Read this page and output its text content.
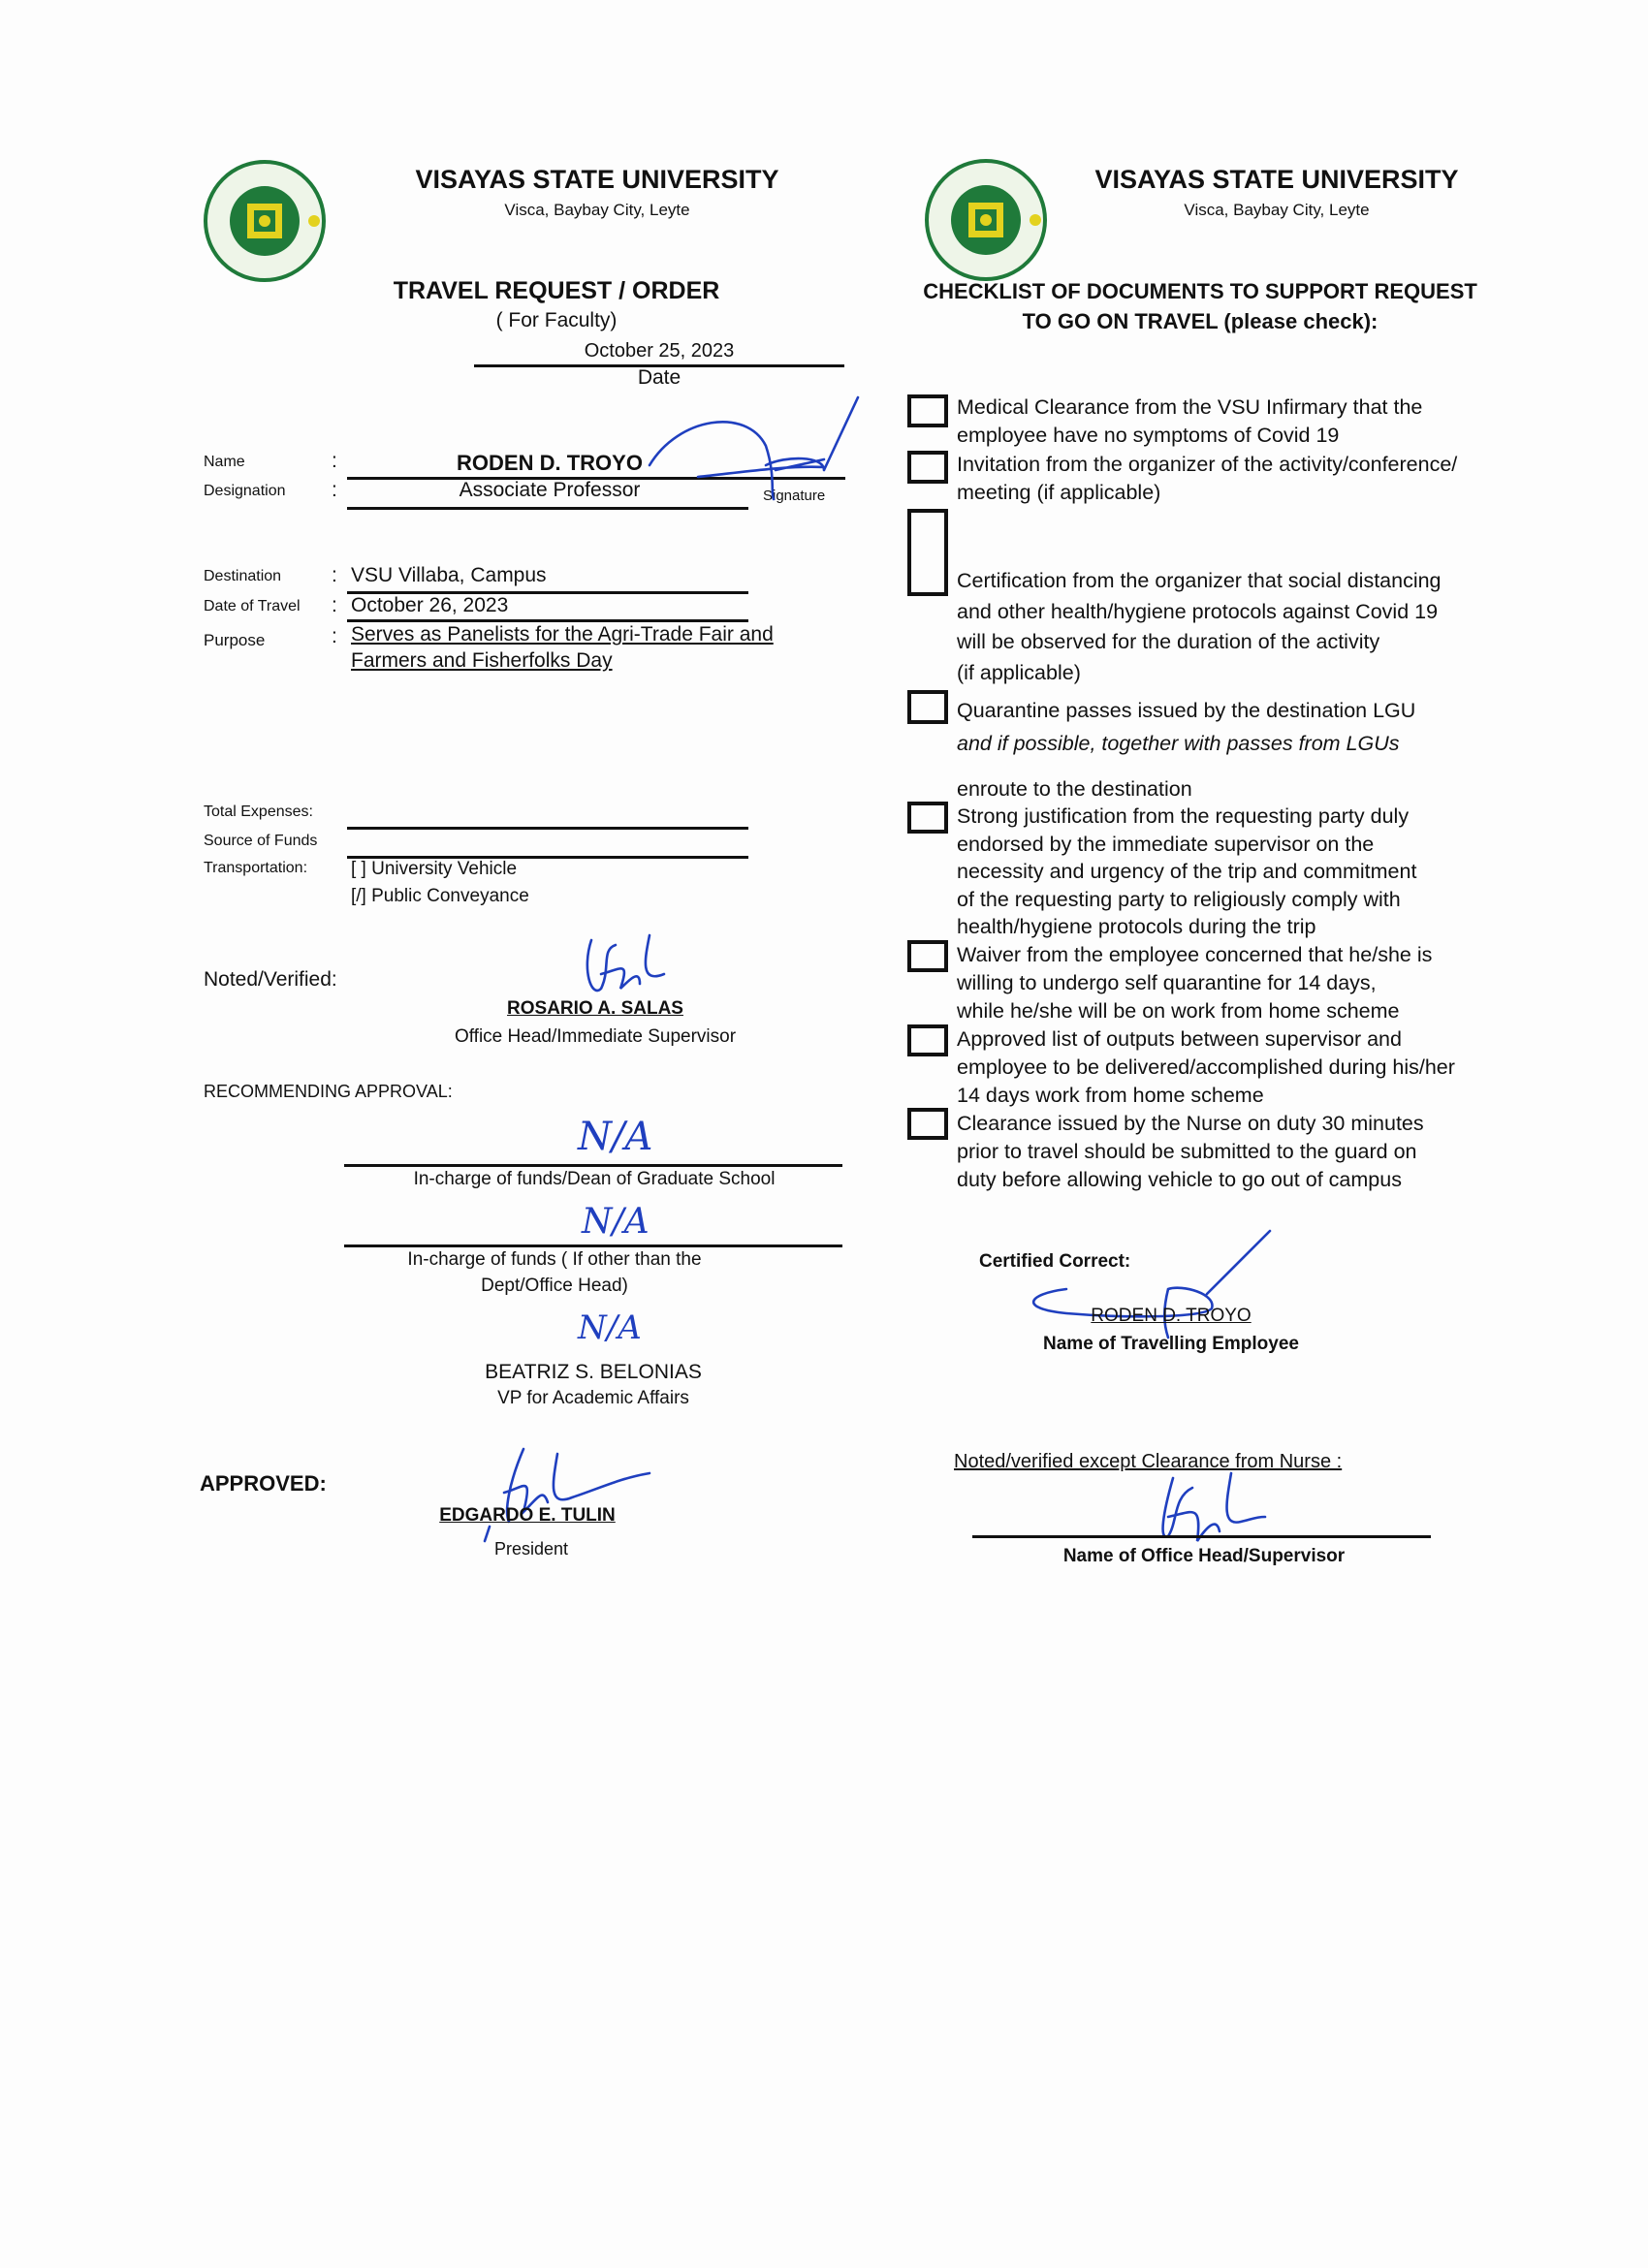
VISAYAS STATE UNIVERSITY
Visca, Baybay City, Leyte
TRAVEL REQUEST / ORDER
( For Faculty)
October 25, 2023
Date
Name	:	RODEN D. TROYO
Designation :	Associate Professor	Signature
Destination : VSU Villaba, Campus
Date of Travel : October 26, 2023
Purpose	: Serves as Panelists for the Agri-Trade Fair and
Farmers and Fisherfolks Day
Total Expenses:
Source of Funds
Transportation: [ ] University Vehicle
[/] Public Conveyance
Noted/Verified:
ROSARIO A. SALAS
Office Head/Immediate Supervisor
RECOMMENDING APPROVAL:
N/A
In-charge of funds/Dean of Graduate School
N/A
In-charge of funds ( If other than the
Dept/Office Head)
N/A
BEATRIZ S. BELONIAS
VP for Academic Affairs
APPROVED:
EDGARDO E. TULIN
President
VISAYAS STATE UNIVERSITY
Visca, Baybay City, Leyte
CHECKLIST OF DOCUMENTS TO SUPPORT REQUEST
TO GO ON TRAVEL (please check):
Medical Clearance from the VSU Infirmary that the
employee have no symptoms of Covid 19
Invitation from the organizer of the activity/conference/
meeting (if applicable)
Certification from the organizer that social distancing
and other health/hygiene protocols against Covid 19
will be observed for the duration of the activity
(if applicable)
Quarantine passes issued by the destination LGU
and if possible, together with passes from LGUs
enroute to the destination
Strong justification from the requesting party duly
endorsed by the immediate supervisor on the
necessity and urgency of the trip and commitment
of the requesting party to religiously comply with
health/hygiene protocols during the trip
Waiver from the employee concerned that he/she is
willing to undergo self quarantine for 14 days,
while he/she will be on work from home scheme
Approved list of outputs between supervisor and
employee to be delivered/accomplished during his/her
14 days work from home scheme
Clearance issued by the Nurse on duty 30 minutes
prior to travel should be submitted to the guard on
duty before allowing vehicle to go out of campus
Certified Correct:
RODEN D. TROYO
Name of Travelling Employee
Noted/verified except Clearance from Nurse :
Name of Office Head/Supervisor
